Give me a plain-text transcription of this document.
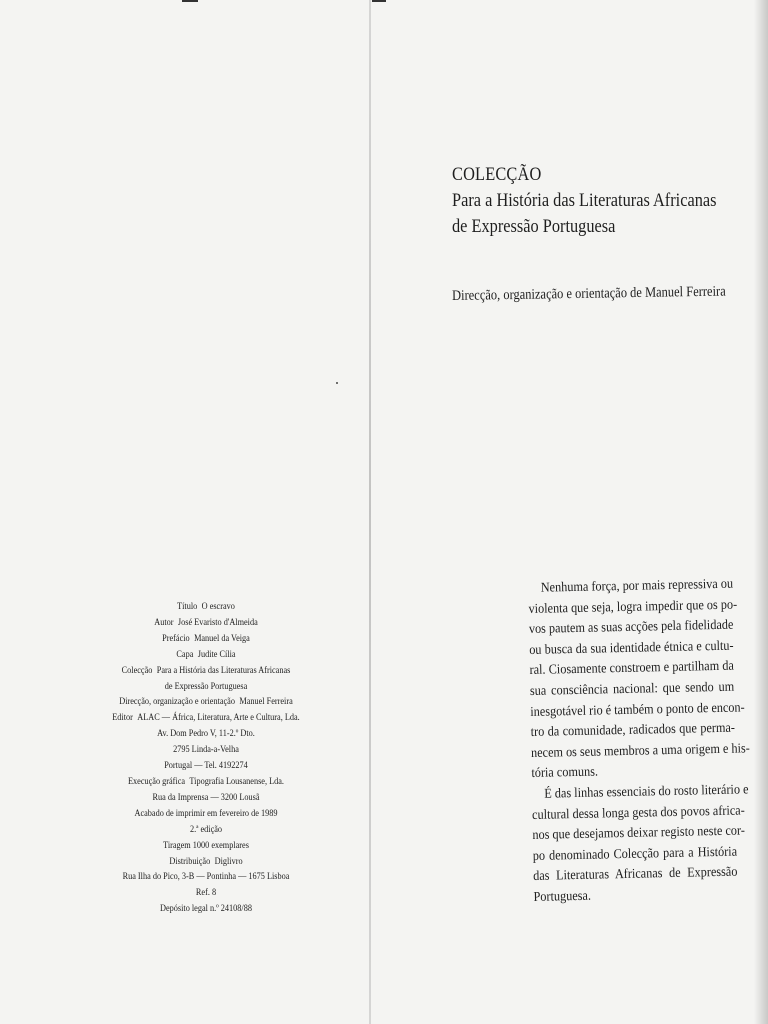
Título O escravo
Autor José Evaristo d'Almeida
Prefácio Manuel da Veiga
Capa Judite Cília
Colecção Para a História das Literaturas Africanas
de Expressão Portuguesa
Direcção, organização e orientação Manuel Ferreira
Editor ALAC — África, Literatura, Arte e Cultura, Lda.
Av. Dom Pedro V, 11-2.º Dto.
2795 Linda-a-Velha
Portugal — Tel. 4192274
Execução gráfica Tipografia Lousanense, Lda.
Rua da Imprensa — 3200 Lousã
Acabado de imprimir em fevereiro de 1989
2.ª edição
Tiragem 1000 exemplares
Distribuição Diglivro
Rua Ilha do Pico, 3-B — Pontinha — 1675 Lisboa
Ref. 8
Depósito legal n.º 24108/88
COLECÇÃO
Para a História das Literaturas Africanas
de Expressão Portuguesa
Direcção, organização e orientação de Manuel Ferreira
Nenhuma força, por mais repressiva ou
violenta que seja, logra impedir que os po-
vos pautem as suas acções pela fidelidade
ou busca da sua identidade étnica e cultu-
ral. Ciosamente constroem e partilham da
sua consciência nacional: que sendo um
inesgotável rio é também o ponto de encon-
tro da comunidade, radicados que perma-
necem os seus membros a uma origem e his-
tória comuns.
É das linhas essenciais do rosto literário e
cultural dessa longa gesta dos povos africa-
nos que desejamos deixar registo neste cor-
po denominado Colecção para a História
das Literaturas Africanas de Expressão
Portuguesa.
